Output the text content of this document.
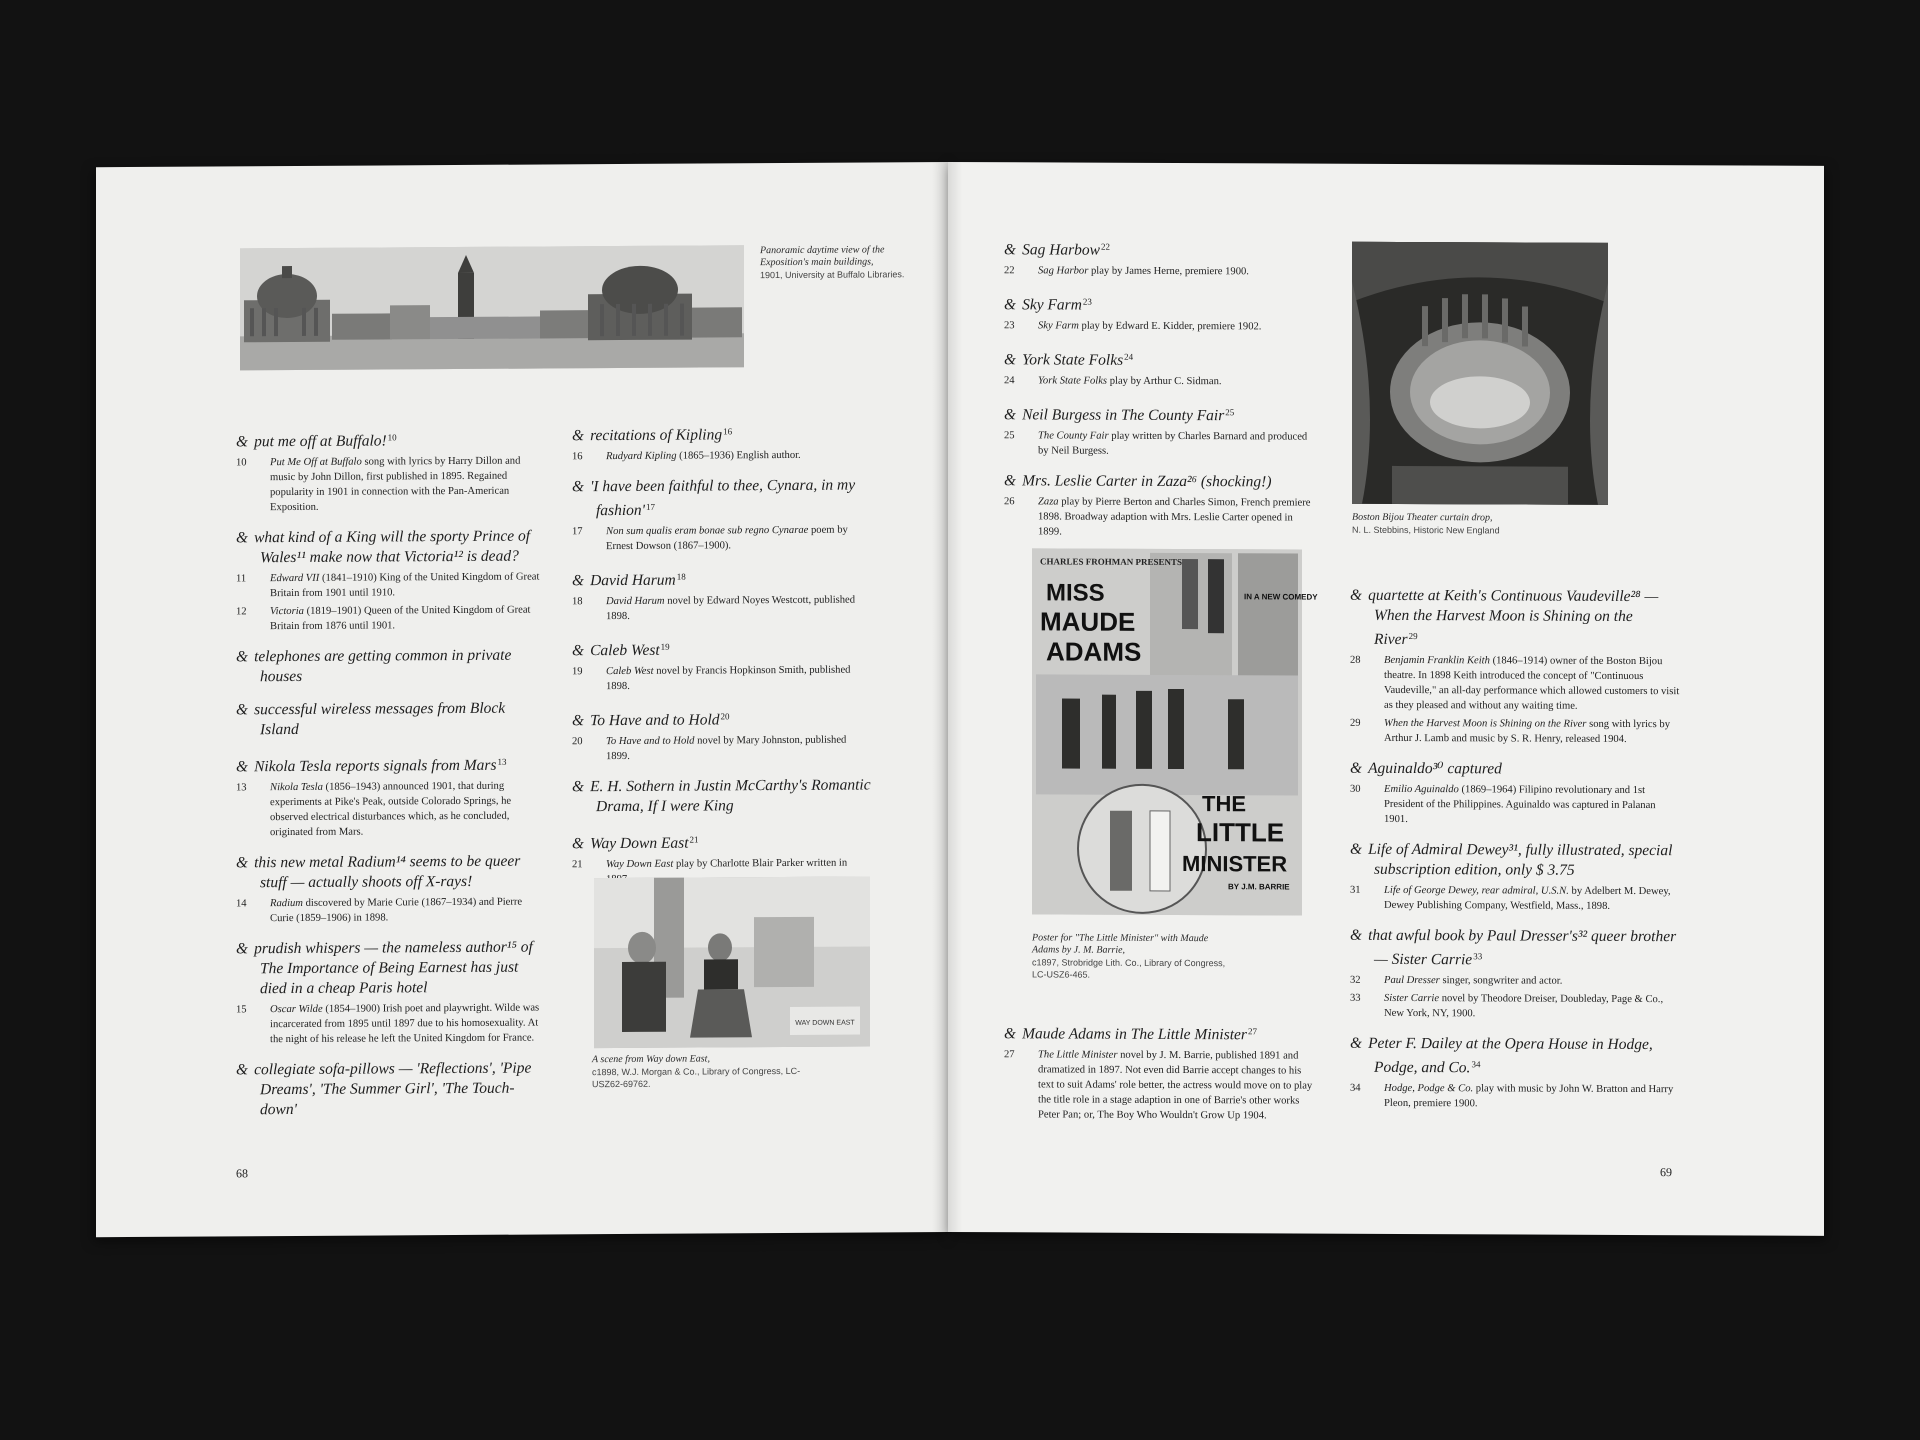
Panoramic daytime view of the Exposition's main buildings,
1901, University at Buffalo Libraries.
& put me off at Buffalo!$^{10}$
10	Put Me Off at Buffalo song with lyrics by Harry Dillon and music by John Dillon, first published in 1895. Regained popularity in 1901 in connection with the Pan-American Exposition.
& what kind of a King will the sporty Prince of Wales¹¹ make now that Victoria¹² is dead?
11	Edward VII (1841–1910) King of the United Kingdom of Great Britain from 1901 until 1910.
12	Victoria (1819–1901) Queen of the United Kingdom of Great Britain from 1876 until 1901.
& telephones are getting common in private houses
& successful wireless messages from Block Island
& Nikola Tesla reports signals from Mars$^{13}$
13	Nikola Tesla (1856–1943) announced 1901, that during experiments at Pike's Peak, outside Colorado Springs, he observed electrical disturbances which, as he concluded, originated from Mars.
& this new metal Radium¹⁴ seems to be queer stuff — actually shoots off X-rays!
14	Radium discovered by Marie Curie (1867–1934) and Pierre Curie (1859–1906) in 1898.
& prudish whispers — the nameless author¹⁵ of The Importance of Being Earnest has just died in a cheap Paris hotel
15	Oscar Wilde (1854–1900) Irish poet and playwright. Wilde was incarcerated from 1895 until 1897 due to his homosexuality. At the night of his release he left the United Kingdom for France.
& collegiate sofa-pillows — 'Reflections', 'Pipe Dreams', 'The Summer Girl', 'The Touch-down'
& recitations of Kipling$^{16}$
16	Rudyard Kipling (1865–1936) English author.
& 'I have been faithful to thee, Cynara, in my $fashion'^{17}$
17	Non sum qualis eram bonae sub regno Cynarae poem by Ernest Dowson (1867–1900).
& David Harum$^{18}$
18	David Harum novel by Edward Noyes Westcott, published 1898.
& Caleb West$^{19}$
19	Caleb West novel by Francis Hopkinson Smith, published 1898.
& To Have and to Hold$^{20}$
20	To Have and to Hold novel by Mary Johnston, published 1899.
& E. H. Sothern in Justin McCarthy's Romantic Drama, If I were King
& Way Down East$^{21}$
21	Way Down East play by Charlotte Blair Parker written in
WAY DOWN EAST
A scene from Way down East,
c1898, W.J. Morgan & Co., Library of Congress, LC-USZ62-69762.
68
& Sag Harbow$^{22}$
22	Sag Harbor play by James Herne, premiere 1900.
& Sky Farm$^{23}$
23	Sky Farm play by Edward E. Kidder, premiere 1902.
& York State Folks$^{24}$
24	York State Folks play by Arthur C. Sidman.
& Neil Burgess in The County Fair$^{25}$
25	The County Fair play written by Charles Barnard and produced by Neil Burgess.
& Mrs. Leslie Carter in Zaza²⁶ (shocking!)
26	Zaza play by Pierre Berton and Charles Simon, French premiere 1898. Broadway adaption with Mrs. Leslie Carter opened in 1899.
Boston Bijou Theater curtain drop,
N. L. Stebbins, Historic New England
CHARLES FROHMAN PRESENTS
MISS
MAUDE
ADAMS
IN A NEW COMEDY
THE
LITTLE
MINISTER
BY J.M. BARRIE
Poster for "The Little Minister" with Maude Adams by J. M. Barrie,
c1897, Strobridge Lith. Co., Library of Congress, LC-USZ6-465.
& Maude Adams in The Little Minister$^{27}$
27	The Little Minister novel by J. M. Barrie, published 1891 and dramatized in 1897. Not even did Barrie accept changes to his text to suit Adams' role better, the actress would move on to play the title role in a stage adaption in one of Barrie's other works Peter Pan; or, The Boy Who Wouldn't Grow Up 1904.
& quartette at Keith's Continuous Vaudeville²⁸ — When the Harvest Moon is Shining on the River$^{29}$
28	Benjamin Franklin Keith (1846–1914) owner of the Boston Bijou theatre. In 1898 Keith introduced the concept of "Continuous Vaudeville," an all-day performance which allowed customers to visit as they pleased and without any waiting time.
29	When the Harvest Moon is Shining on the River song with lyrics by Arthur J. Lamb and music by S. R. Henry, released 1904.
& Aguinaldo³⁰ captured
30	Emilio Aguinaldo (1869–1964) Filipino revolutionary and 1st President of the Philippines. Aguinaldo was captured in Palanan 1901.
& Life of Admiral Dewey³¹, fully illustrated, special subscription edition, only $ 3.75
31	Life of George Dewey, rear admiral, U.S.N. by Adelbert M. Dewey, Dewey Publishing Company, Westfield, Mass., 1898.
& that awful book by Paul Dresser's³² queer brother — Sister Carrie$^{33}$
32	Paul Dresser singer, songwriter and actor.
33	Sister Carrie novel by Theodore Dreiser, Doubleday, Page & Co., New York, NY, 1900.
& Peter F. Dailey at the Opera House in Hodge, Podge, and Co.$^{34}$
34	Hodge, Podge & Co. play with music by John W. Bratton and Harry Pleon, premiere 1900.
69
